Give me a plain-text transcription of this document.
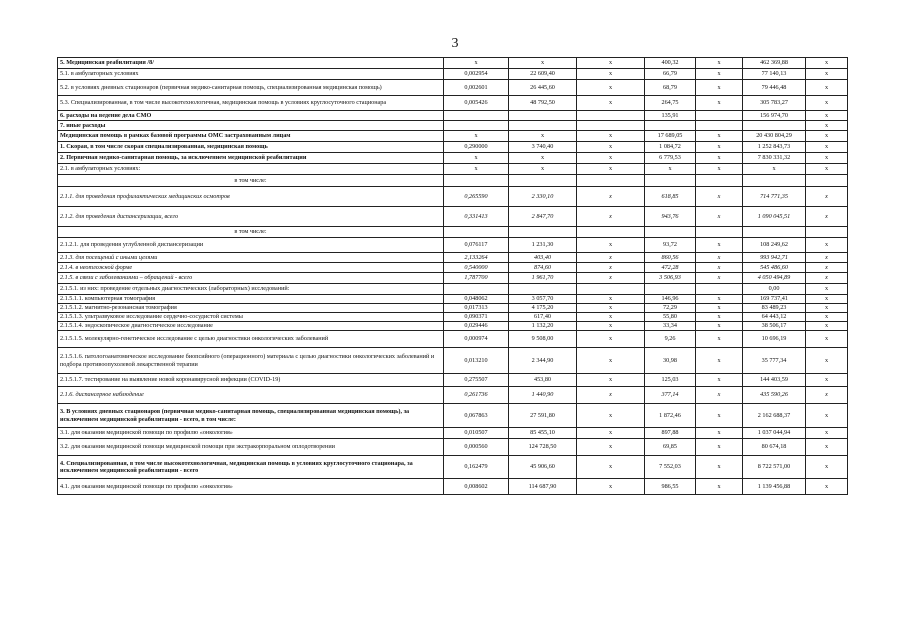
3
5. Медицинская реабилитация /8/	x	x	x	400,32	x	462 369,88	x
5.1. в амбулаторных условиях	0,002954	22 609,40	x	66,79	x	77 140,13	x
5.2. в условиях дневных стационаров (первичная медико-санитарная помощь, специализированная медицинская помощь)	0,002601	26 445,60	x	68,79	x	79 446,48	x
5.3. Специализированная, в том числе высокотехнологичная, медицинская помощь в условиях круглосуточного стационара	0,005426	48 792,50	x	264,75	x	305 783,27	x
6. расходы на ведение дела СМО				135,91		156 974,70	x
7. иные расходы							x
Медицинская помощь в рамках базовой программы ОМС застрахованным лицам	x	x	x	17 689,05	x	20 430 804,29	x
1. Скорая, в том числе скорая специализированная, медицинская помощь	0,290000	3 740,40	x	1 084,72	x	1 252 843,73	x
2. Первичная медико-санитарная помощь, за исключением медицинской реабилитации	x	x	x	6 779,53	x	7 830 331,32	x
2.1. в амбулаторных условиях:	x	x	x	x	x	x	x
в том числе:							
2.1.1. для проведения профилактических медицинских осмотров	0,265590	2 330,10	x	618,85	x	714 771,35	x
2.1.2. для проведения диспансеризации, всего	0,331413	2 847,70	x	943,76	x	1 090 045,51	x
в том числе:							
2.1.2.1. для проведения углубленной диспансеризации	0,076117	1 231,30	x	93,72	x	108 249,62	x
2.1.3. для посещений с иными целями	2,133264	403,40	x	860,56	x	993 942,71	x
2.1.4. в неотложной форме	0,540000	874,60	x	472,28	x	545 486,60	x
2.1.5. в связи с заболеваниями – обращений - всего	1,787700	1 961,70	x	3 506,93	x	4 050 494,89	x
2.1.5.1. из них: проведение отдельных диагностических (лабораторных) исследований:						0,00	x
2.1.5.1.1. компьютерная томография	0,048062	3 057,70	x	146,96	x	169 737,41	x
2.1.5.1.2. магнитно-резонансная томография	0,017313	4 175,20	x	72,29	x	83 489,23	x
2.1.5.1.3. ультразвуковое исследование сердечно-сосудистой системы	0,090371	617,40	x	55,80	x	64 443,12	x
2.1.5.1.4. эндоскопическое диагностическое исследование	0,029446	1 132,20	x	33,34	x	38 506,17	x
2.1.5.1.5. молекулярно-генетическое исследование с целью диагностики онкологических заболеваний	0,000974	9 508,00	x	9,26	x	10 696,19	x
2.1.5.1.6. патологоанатомическое исследование биопсийного (операционного) материала с целью диагностики онкологических заболеваний и подбора противоопухолевой лекарственной терапии	0,013210	2 344,90	x	30,98	x	35 777,34	x
2.1.5.1.7. тестирование на выявление новой коронавирусной инфекции (COVID-19)	0,275507	453,80	x	125,03	x	144 403,59	x
2.1.6. диспансерное наблюдение	0,261736	1 440,90	x	377,14	x	435 590,26	x
3. В условиях дневных стационаров (первичная медико-санитарная помощь, специализированная медицинская помощь), за исключением медицинской реабилитации - всего, в том числе:	0,067863	27 591,80	x	1 872,46	x	2 162 688,37	x
3.1. для оказания медицинской помощи по профилю «онкология»	0,010507	85 455,10	x	897,88	x	1 037 044,94	x
3.2. для оказания медицинской помощи медицинской помощи при экстракорпоральном оплодотворении	0,000560	124 728,50	x	69,85	x	80 674,18	x
4. Специализированная, в том числе высокотехнологичная, медицинская помощь в условиях круглосуточного стационара, за исключением медицинской реабилитации - всего	0,162479	45 906,60	x	7 552,03	x	8 722 571,00	x
4.1. для оказания медицинской помощи по профилю «онкология»	0,008602	114 687,90	x	986,55	x	1 139 456,88	x
